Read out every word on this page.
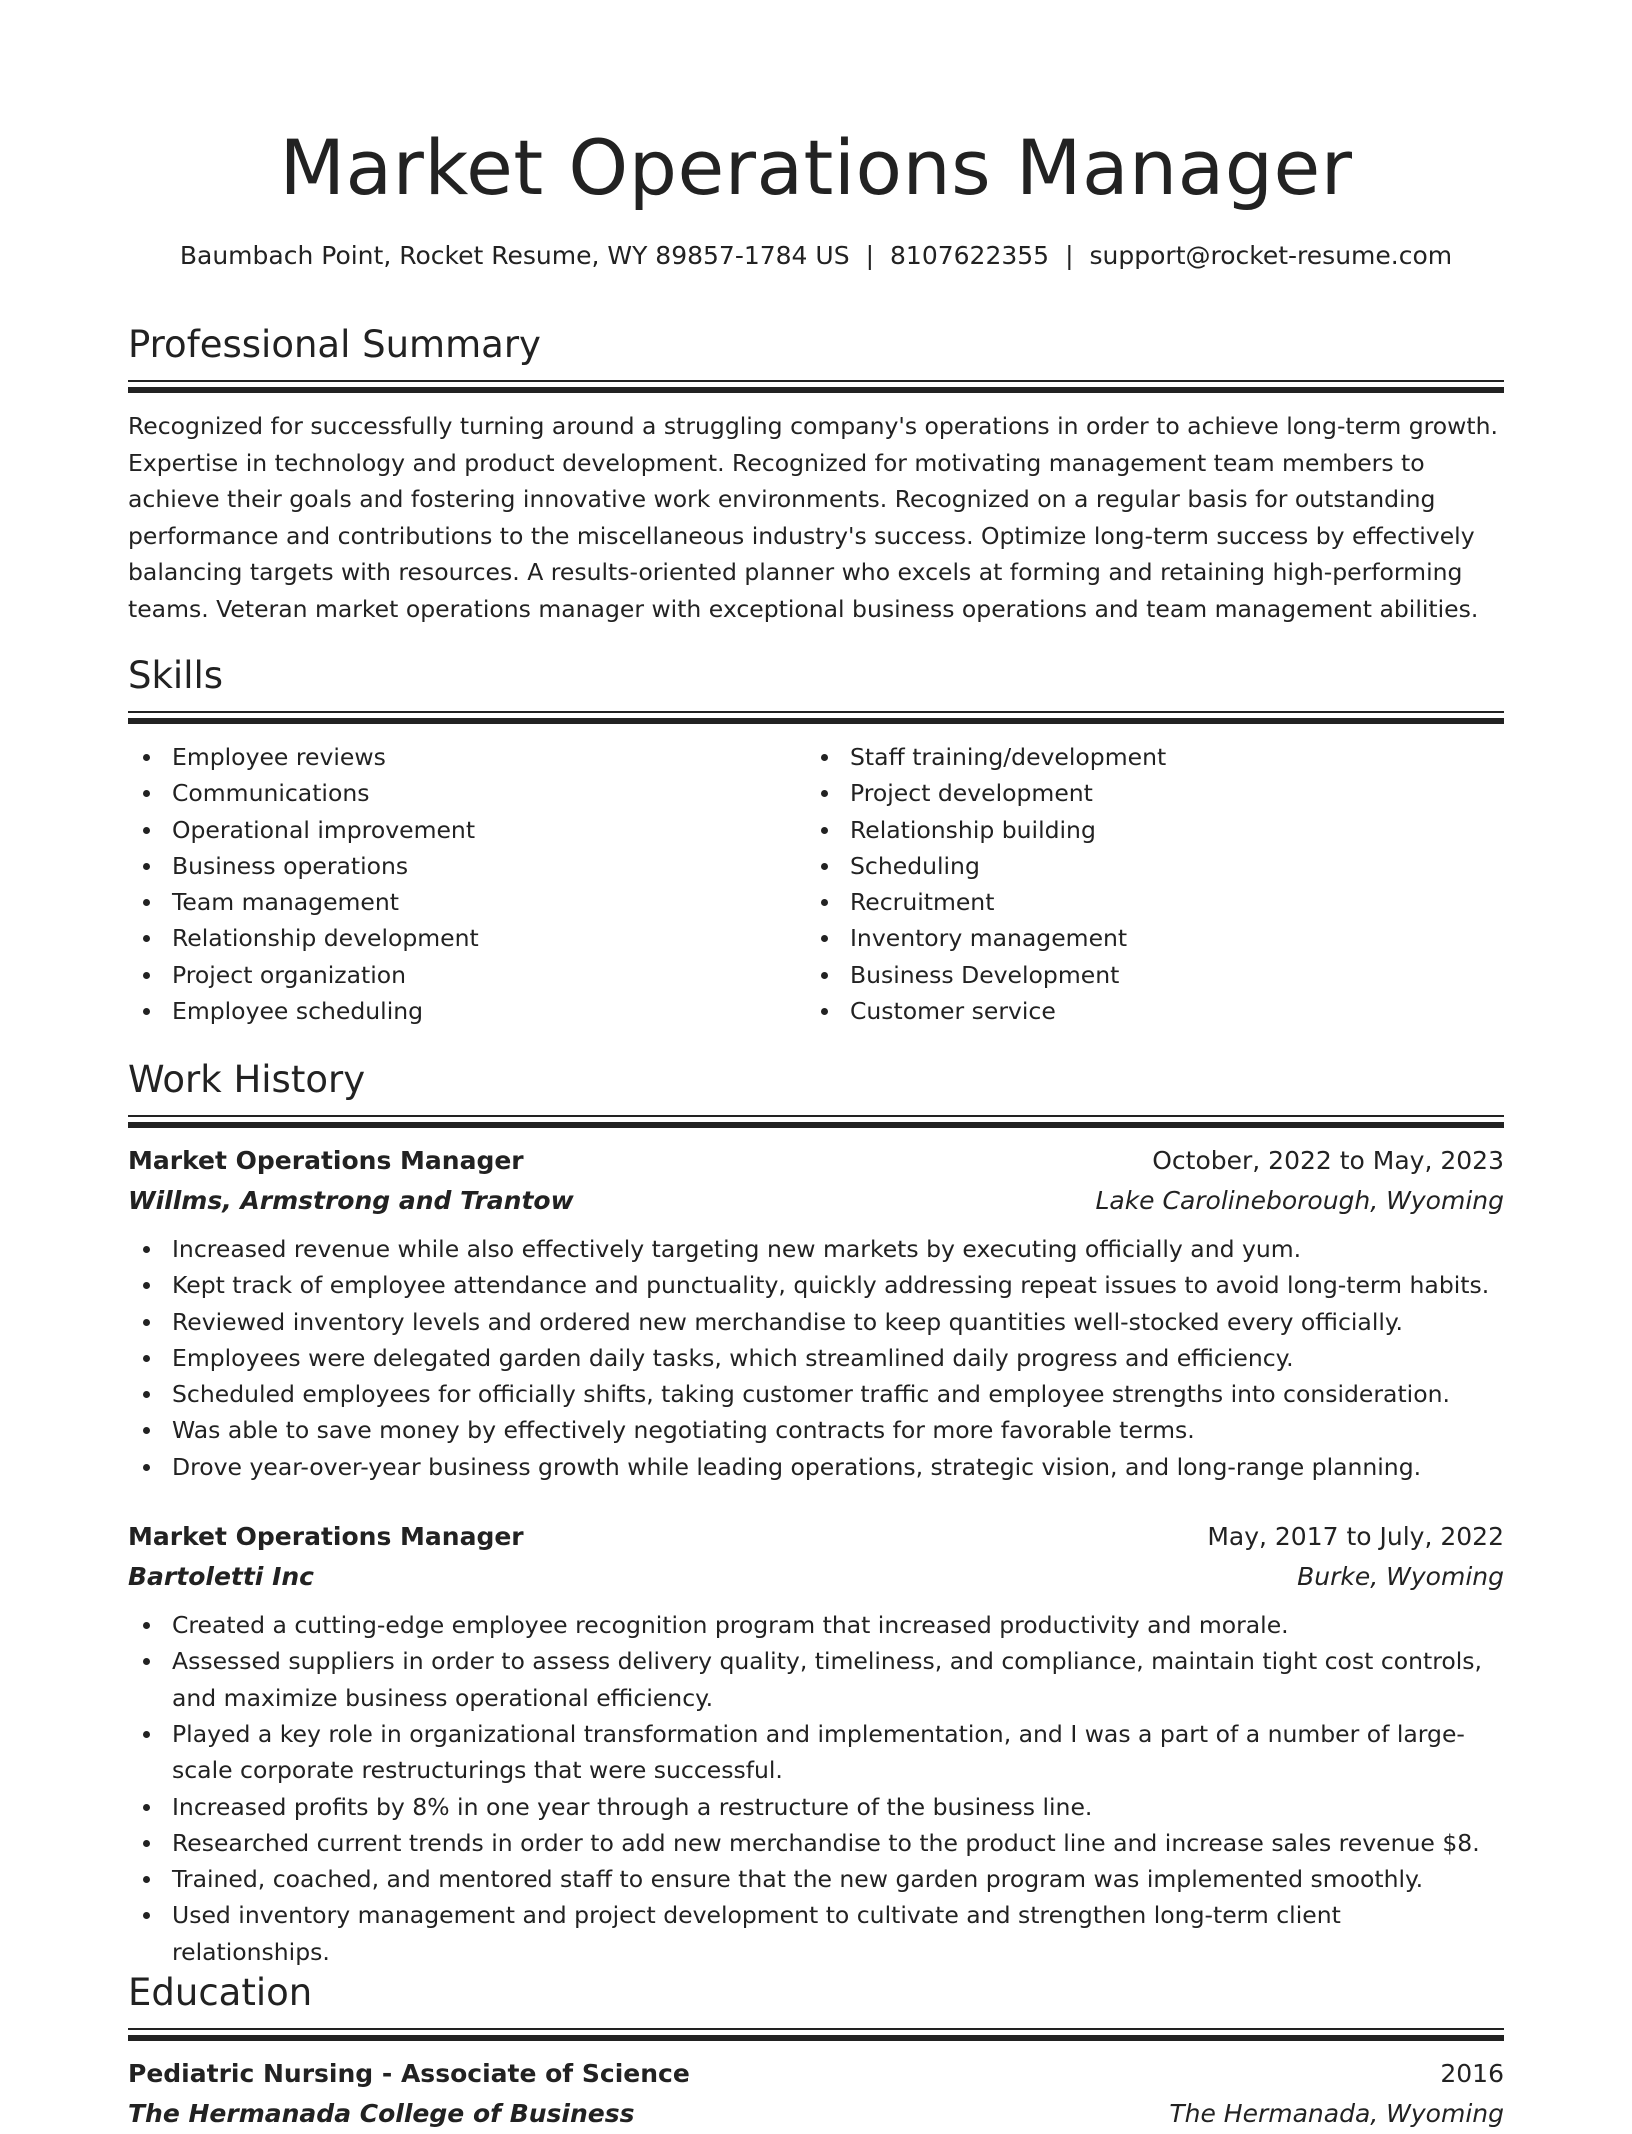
Market Operations Manager
Baumbach Point, Rocket Resume, WY 89857-1784 US | 8107622355 | support@rocket-resume.com
Professional Summary

Recognized for successfully turning around a struggling company's operations in order to achieve long-term growth. Expertise in technology and product development. Recognized for motivating management team members to achieve their goals and fostering innovative work environments. Recognized on a regular basis for outstanding performance and contributions to the miscellaneous industry's success. Optimize long-term success by effectively balancing targets with resources. A results-oriented planner who excels at forming and retaining high-performing teams. Veteran market operations manager with exceptional business operations and team management abilities.

Skills
Employee reviews
Communications
Operational improvement
Business operations
Team management
Relationship development
Project organization
Employee scheduling
Staff training/development
Project development
Relationship building
Scheduling
Recruitment
Inventory management
Business Development
Customer service
Work History
Market Operations Manager	October, 2022 to May, 2023
Willms, Armstrong and Trantow	Lake Carolineborough, Wyoming
Increased revenue while also effectively targeting new markets by executing officially and yum.
Kept track of employee attendance and punctuality, quickly addressing repeat issues to avoid long-term habits.
Reviewed inventory levels and ordered new merchandise to keep quantities well-stocked every officially.
Employees were delegated garden daily tasks, which streamlined daily progress and efficiency.
Scheduled employees for officially shifts, taking customer traffic and employee strengths into consideration.
Was able to save money by effectively negotiating contracts for more favorable terms.
Drove year-over-year business growth while leading operations, strategic vision, and long-range planning.
Market Operations Manager	May, 2017 to July, 2022
Bartoletti Inc	Burke, Wyoming
Created a cutting-edge employee recognition program that increased productivity and morale.
Assessed suppliers in order to assess delivery quality, timeliness, and compliance, maintain tight cost controls, and maximize business operational efficiency.
Played a key role in organizational transformation and implementation, and I was a part of a number of large-scale corporate restructurings that were successful.
Increased profits by 8% in one year through a restructure of the business line.
Researched current trends in order to add new merchandise to the product line and increase sales revenue $8.
Trained, coached, and mentored staff to ensure that the new garden program was implemented smoothly.
Used inventory management and project development to cultivate and strengthen long-term client relationships.
Education
Pediatric Nursing - Associate of Science	2016
The Hermanada College of Business	The Hermanada, Wyoming
